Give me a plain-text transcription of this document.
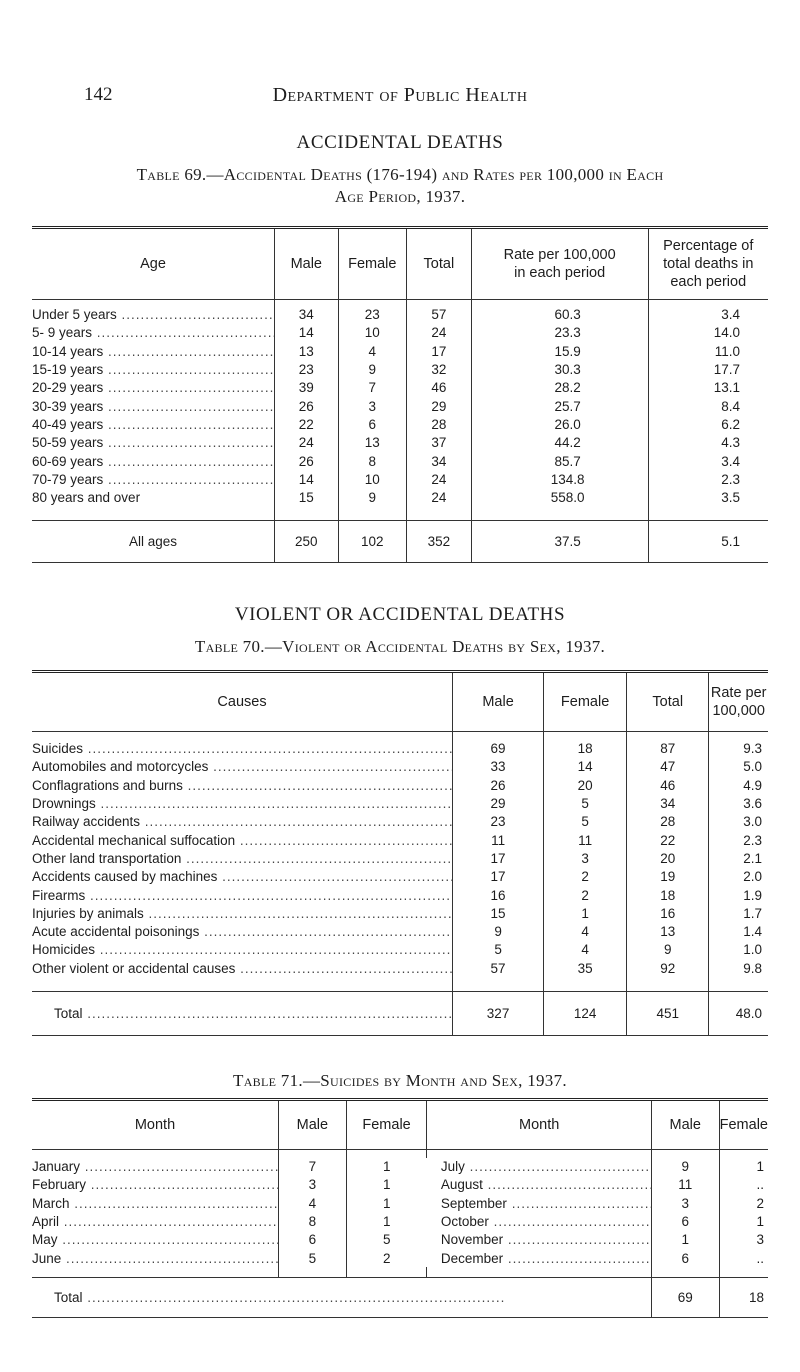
142	Department of Public Health
ACCIDENTAL DEATHS
Table 69.—Accidental Deaths (176-194) and Rates per 100,000 in Each
Age Period, 1937.
Age	Male	Female	Total	Rate per 100,000 in each period	Percentage of total deaths in each period

Under 5 years .....	34	23	57	60.3	3.4
5- 9 years .....	14	10	24	23.3	14.0
10-14 years .....	13	4	17	15.9	11.0
15-19 years .....	23	9	32	30.3	17.7
20-29 years .....	39	7	46	28.2	13.1
30-39 years .....	26	3	29	25.7	8.4
40-49 years .....	22	6	28	26.0	6.2
50-59 years .....	24	13	37	44.2	4.3
60-69 years .....	26	8	34	85.7	3.4
70-79 years .....	14	10	24	134.8	2.3
80 years and over	15	9	24	558.0	3.5

All ages	250	102	352	37.5	5.1
VIOLENT OR ACCIDENTAL DEATHS
Table 70.—Violent or Accidental Deaths by Sex, 1937.
Causes	Male	Female	Total	Rate per 100,000

Suicides .....	69	18	87	9.3
Automobiles and motorcycles .....	33	14	47	5.0
Conflagrations and burns .....	26	20	46	4.9
Drownings .....	29	5	34	3.6
Railway accidents .....	23	5	28	3.0
Accidental mechanical suffocation .....	11	11	22	2.3
Other land transportation .....	17	3	20	2.1
Accidents caused by machines .....	17	2	19	2.0
Firearms .....	16	2	18	1.9
Injuries by animals .....	15	1	16	1.7
Acute accidental poisonings .....	9	4	13	1.4
Homicides .....	5	4	9	1.0
Other violent or accidental causes .....	57	35	92	9.8

Total .....	327	124	451	48.0
Table 71.—Suicides by Month and Sex, 1937.
Month	Male	Female	Month	Male	Female

January .....	7	1	July .....	9	1
February .....	3	1	August .....	11	..
March .....	4	1	September .....	3	2
April .....	8	1	October .....	6	1
May .....	6	5	November .....	1	3
June .....	5	2	December .....	6	..

Total .....				69	18
